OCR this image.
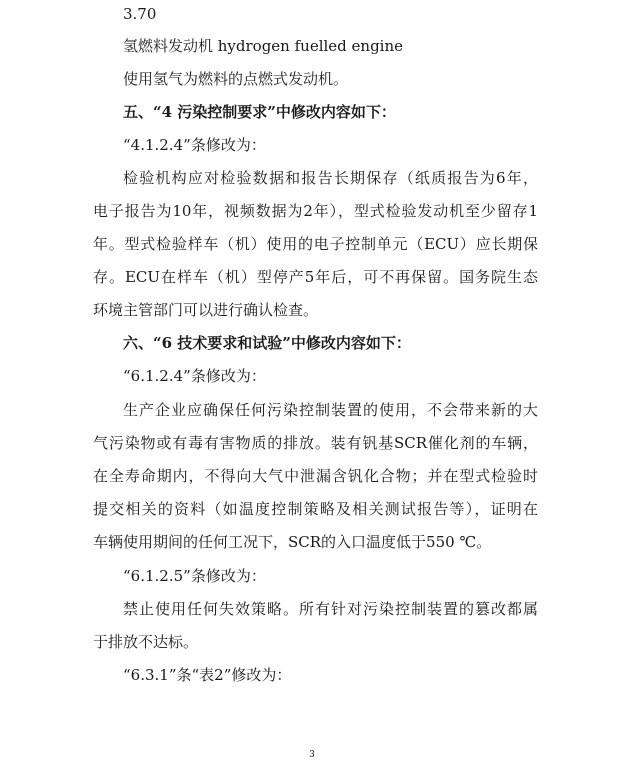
3.70
氢燃料发动机 hydrogen fuelled engine
使用氢气为燃料的点燃式发动机。
五、“4 污染控制要求”中修改内容如下：
“4.1.2.4”条修改为：
检验机构应对检验数据和报告长期保存（纸质报告为6年，
电子报告为10年，视频数据为2年），型式检验发动机至少留存1
年。型式检验样车（机）使用的电子控制单元（ECU）应长期保
存。ECU在样车（机）型停产5年后，可不再保留。国务院生态
环境主管部门可以进行确认检查。
六、“6 技术要求和试验”中修改内容如下：
“6.1.2.4”条修改为：
生产企业应确保任何污染控制装置的使用，不会带来新的大
气污染物或有毒有害物质的排放。装有钒基SCR催化剂的车辆，
在全寿命期内，不得向大气中泄漏含钒化合物；并在型式检验时
提交相关的资料（如温度控制策略及相关测试报告等），证明在
车辆使用期间的任何工况下，SCR的入口温度低于550 ℃。
“6.1.2.5”条修改为：
禁止使用任何失效策略。所有针对污染控制装置的篡改都属
于排放不达标。
“6.3.1”条“表2”修改为：
3
